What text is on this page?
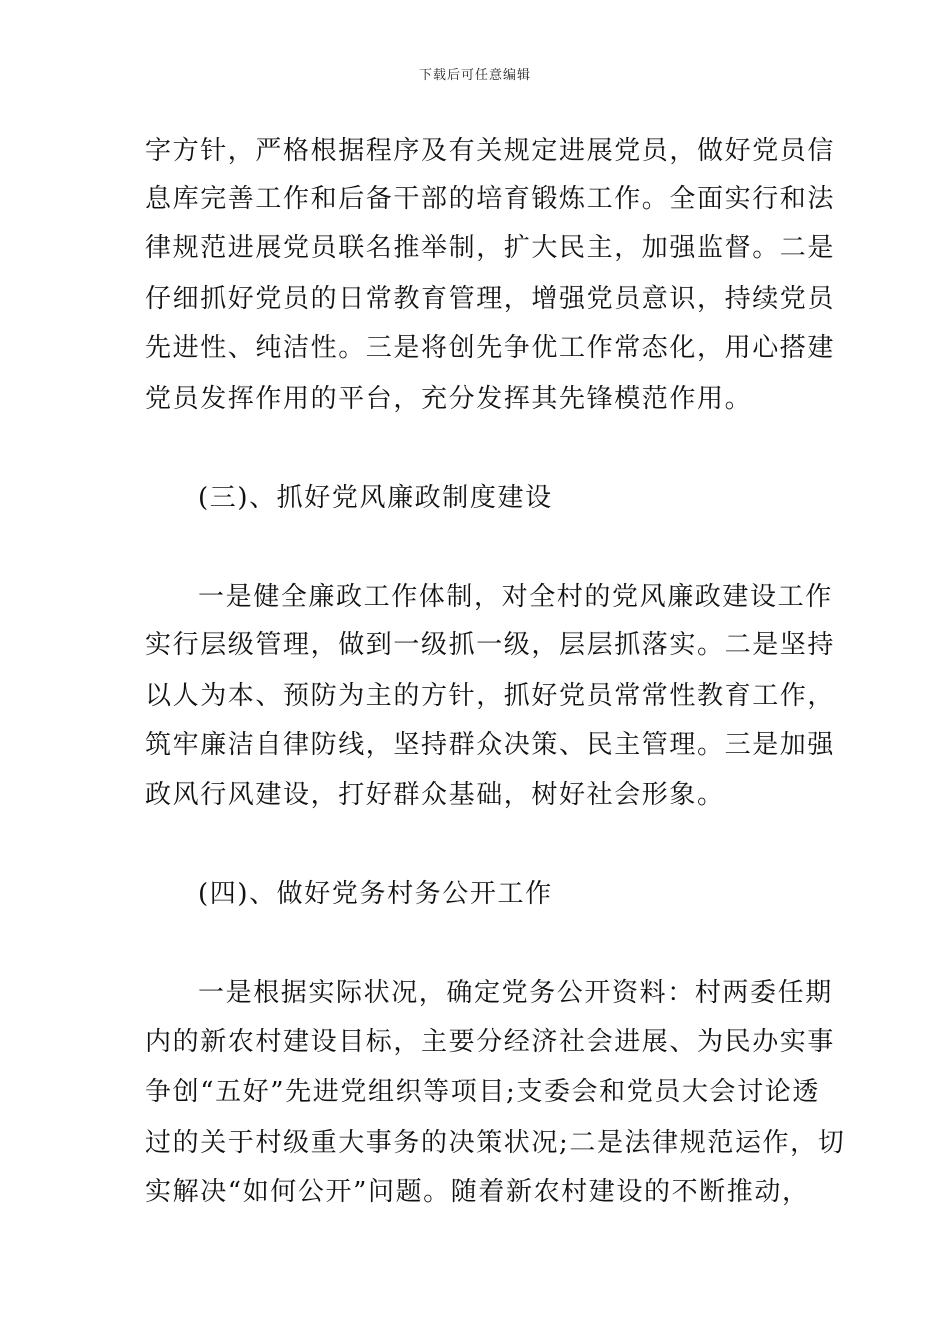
下载后可任意编辑
字方针，严格根据程序及有关规定进展党员，做好党员信
息库完善工作和后备干部的培育锻炼工作。全面实行和法
律规范进展党员联名推举制，扩大民主，加强监督。二是
仔细抓好党员的日常教育管理，增强党员意识，持续党员
先进性、纯洁性。三是将创先争优工作常态化，用心搭建
党员发挥作用的平台，充分发挥其先锋模范作用。
(三)、抓好党风廉政制度建设
一是健全廉政工作体制，对全村的党风廉政建设工作
实行层级管理，做到一级抓一级，层层抓落实。二是坚持
以人为本、预防为主的方针，抓好党员常常性教育工作，
筑牢廉洁自律防线，坚持群众决策、民主管理。三是加强
政风行风建设，打好群众基础，树好社会形象。
(四)、做好党务村务公开工作
一是根据实际状况，确定党务公开资料：村两委任期
内的新农村建设目标，主要分经济社会进展、为民办实事
争创“五好”先进党组织等项目;支委会和党员大会讨论透
过的关于村级重大事务的决策状况;二是法律规范运作，切
实解决“如何公开”问题。随着新农村建设的不断推动，
